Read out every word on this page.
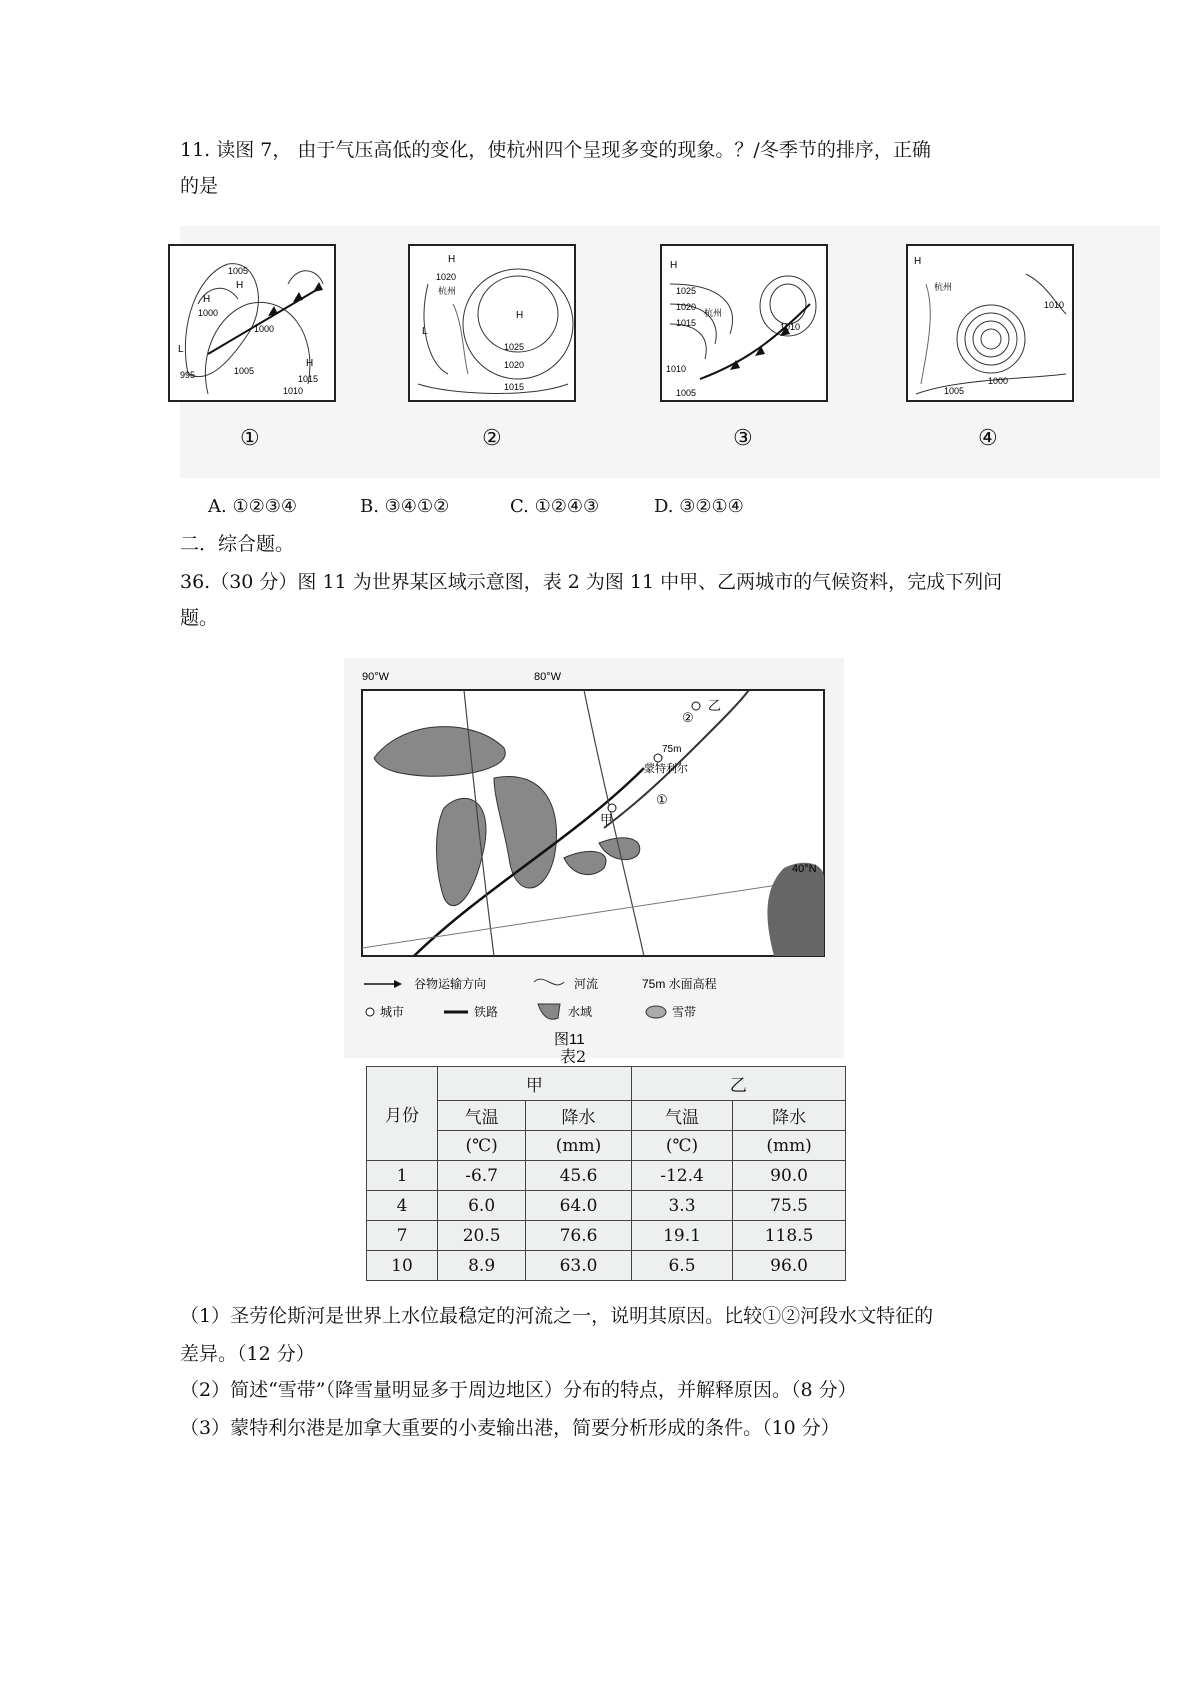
11. 读图 7， 由于气压高低的变化，使杭州四个呈现多变的现象。？/冬季节的排序，正确
的是
H
H
H
L
1005
1000
1000
1005
995	1015
1010
H
L
H
杭州
1020
1025
1020
1015
H
杭州
1025
1020
1015	1010
1010
1005
H
杭州
1010
1000
1005
①	②	③	④
A. ①②③④	B. ③④①②	C. ①②④③	D. ③②①④
二．综合题。
36.（30 分）图 11 为世界某区域示意图，表 2 为图 11 中甲、乙两城市的气候资料，完成下列问
题。
90°W	80°W
40°N
乙
②
75m
蒙特利尔
①
甲
谷物运输方向	河流	75m 水面高程
城市	铁路	水域	雪带
图11
表2
月份	甲		乙	
	气温	降水	气温	降水
	(℃)	(mm)	(℃)	(mm)
1	-6.7	45.6	-12.4	90.0
4	6.0	64.0	3.3	75.5
7	20.5	76.6	19.1	118.5
10	8.9	63.0	6.5	96.0
（1）圣劳伦斯河是世界上水位最稳定的河流之一，说明其原因。比较①②河段水文特征的
差异。（12 分）
（2）简述“雪带”（降雪量明显多于周边地区）分布的特点，并解释原因。（8 分）
（3）蒙特利尔港是加拿大重要的小麦输出港，简要分析形成的条件。（10 分）
